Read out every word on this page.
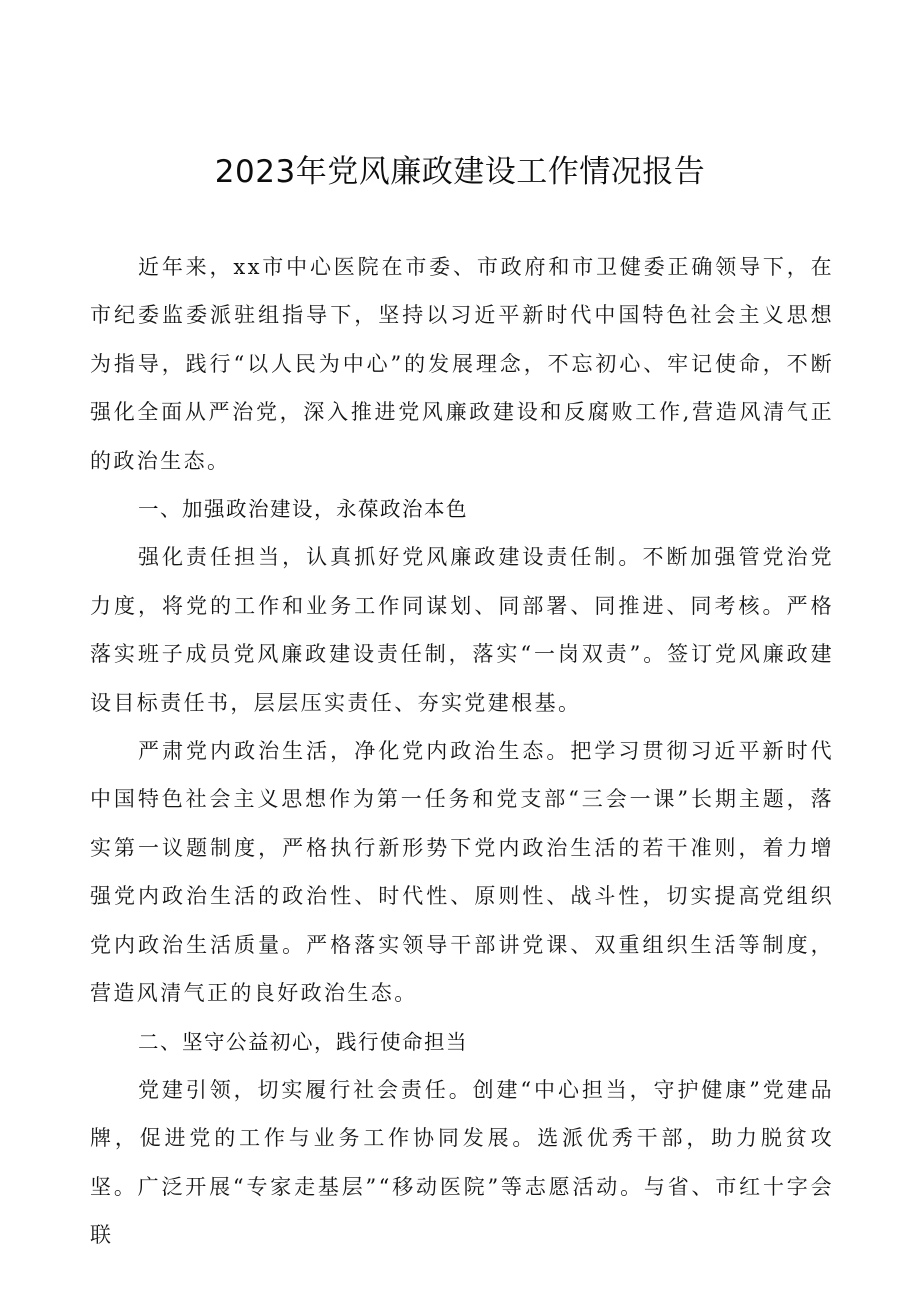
2023年党风廉政建设工作情况报告

近年来，xx市中心医院在市委、市政府和市卫健委正确领导下，在市纪委监委派驻组指导下，坚持以习近平新时代中国特色社会主义思想为指导，践行“以人民为中心”的发展理念，不忘初心、牢记使命，不断强化全面从严治党，深入推进党风廉政建设和反腐败工作,营造风清气正的政治生态。

一、加强政治建设，永葆政治本色

强化责任担当，认真抓好党风廉政建设责任制。不断加强管党治党力度，将党的工作和业务工作同谋划、同部署、同推进、同考核。严格落实班子成员党风廉政建设责任制，落实“一岗双责”。签订党风廉政建设目标责任书，层层压实责任、夯实党建根基。

严肃党内政治生活，净化党内政治生态。把学习贯彻习近平新时代中国特色社会主义思想作为第一任务和党支部“三会一课”长期主题，落实第一议题制度，严格执行新形势下党内政治生活的若干准则，着力增强党内政治生活的政治性、时代性、原则性、战斗性，切实提高党组织党内政治生活质量。严格落实领导干部讲党课、双重组织生活等制度，营造风清气正的良好政治生态。

二、坚守公益初心，践行使命担当

党建引领，切实履行社会责任。创建“中心担当，守护健康”党建品牌，促进党的工作与业务工作协同发展。选派优秀干部，助力脱贫攻坚。广泛开展“专家走基层”“移动医院”等志愿活动。与省、市红十字会联
